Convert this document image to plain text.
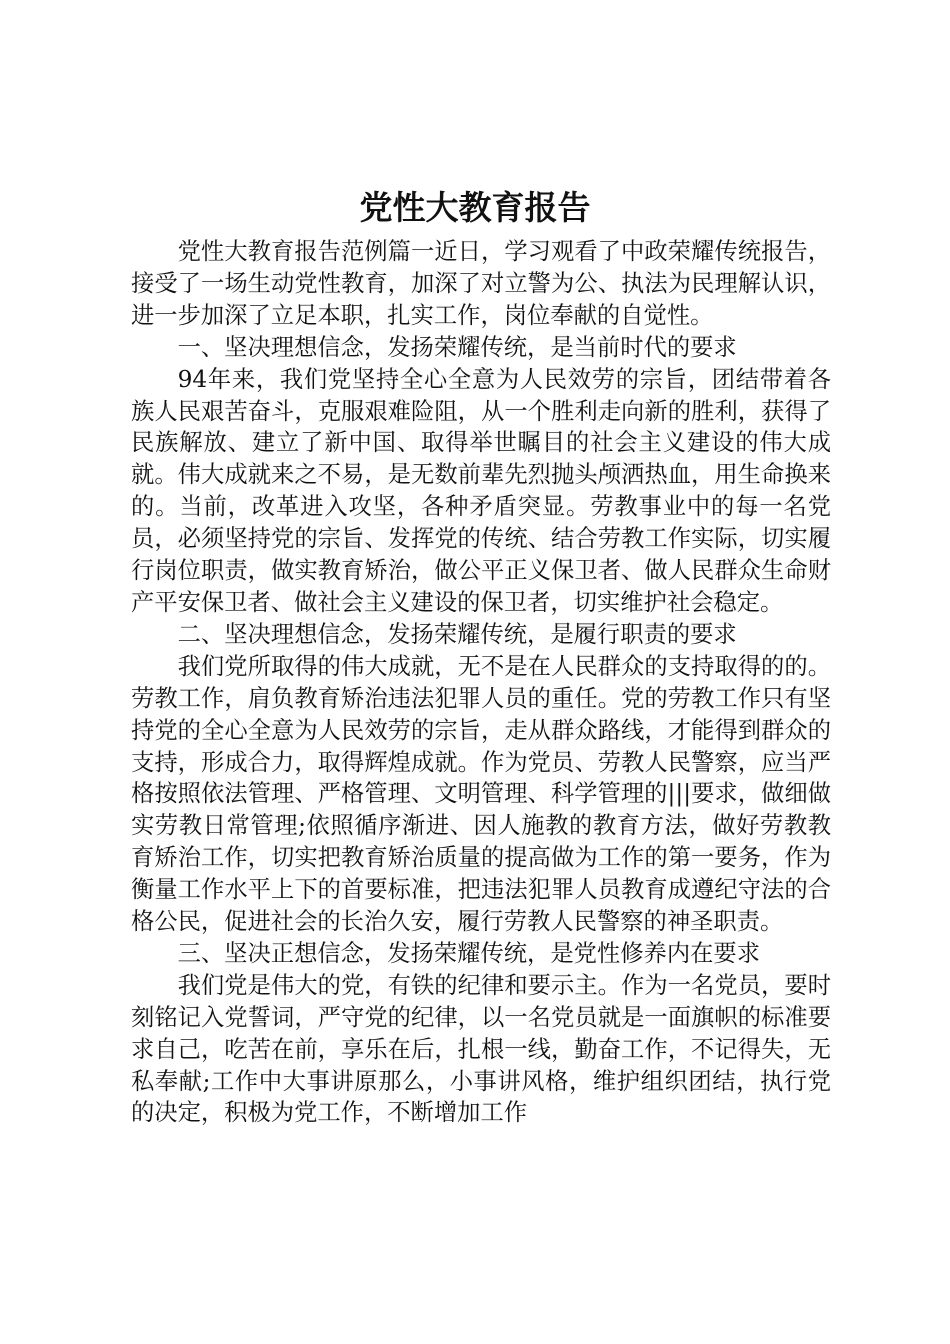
党性大教育报告

党性大教育报告范例篇一近日，学习观看了中政荣耀传统报告，接受了一场生动党性教育，加深了对立警为公、执法为民理解认识，进一步加深了立足本职，扎实工作，岗位奉献的自觉性。

一、坚决理想信念，发扬荣耀传统，是当前时代的要求

94年来，我们党坚持全心全意为人民效劳的宗旨，团结带着各族人民艰苦奋斗，克服艰难险阻，从一个胜利走向新的胜利，获得了民族解放、建立了新中国、取得举世瞩目的社会主义建设的伟大成就。伟大成就来之不易，是无数前辈先烈抛头颅洒热血，用生命换来的。当前，改革进入攻坚，各种矛盾突显。劳教事业中的每一名党员，必须坚持党的宗旨、发挥党的传统、结合劳教工作实际，切实履行岗位职责，做实教育矫治，做公平正义保卫者、做人民群众生命财产平安保卫者、做社会主义建设的保卫者，切实维护社会稳定。

二、坚决理想信念，发扬荣耀传统，是履行职责的要求

我们党所取得的伟大成就，无不是在人民群众的支持取得的的。劳教工作，肩负教育矫治违法犯罪人员的重任。党的劳教工作只有坚持党的全心全意为人民效劳的宗旨，走从群众路线，才能得到群众的支持，形成合力，取得辉煌成就。作为党员、劳教人民警察，应当严格按照依法管理、严格管理、文明管理、科学管理的|||要求，做细做实劳教日常管理;依照循序渐进、因人施教的教育方法，做好劳教教育矫治工作，切实把教育矫治质量的提高做为工作的第一要务，作为衡量工作水平上下的首要标准，把违法犯罪人员教育成遵纪守法的合格公民，促进社会的长治久安，履行劳教人民警察的神圣职责。

三、坚决正想信念，发扬荣耀传统，是党性修养内在要求

我们党是伟大的党，有铁的纪律和要示主。作为一名党员，要时刻铭记入党誓词，严守党的纪律，以一名党员就是一面旗帜的标准要求自己，吃苦在前，享乐在后，扎根一线，勤奋工作，不记得失，无私奉献;工作中大事讲原那么，小事讲风格，维护组织团结，执行党的决定，积极为党工作，不断增加工作
